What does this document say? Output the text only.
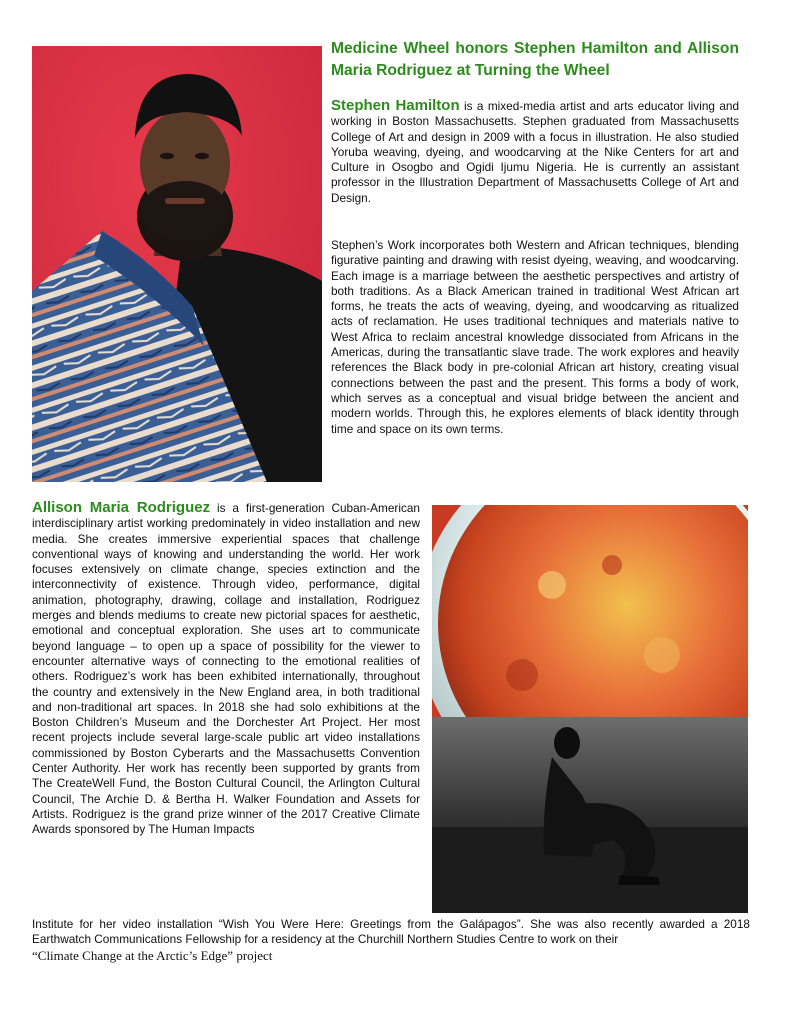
Medicine Wheel honors Stephen Hamilton and Allison Maria Rodriguez at Turning the Wheel

Stephen Hamilton is a mixed-media artist and arts educator living and working in Boston Massachusetts. Stephen graduated from Massachusetts College of Art and design in 2009 with a focus in illustration. He also studied Yoruba weaving, dyeing, and woodcarving at the Nike Centers for art and Culture in Osogbo and Ogidi Ijumu Nigeria. He is currently an assistant professor in the Illustration Department of Massachusetts College of Art and Design.

Stephen’s Work incorporates both Western and African techniques, blending figurative painting and drawing with resist dyeing, weaving, and woodcarving. Each image is a marriage between the aesthetic perspectives and artistry of both traditions. As a Black American trained in traditional West African art forms, he treats the acts of weaving, dyeing, and woodcarving as ritualized acts of reclamation. He uses traditional techniques and materials native to West Africa to reclaim ancestral knowledge dissociated from Africans in the Americas, during the transatlantic slave trade. The work explores and heavily references the Black body in pre-colonial African art history, creating visual connections between the past and the present. This forms a body of work, which serves as a conceptual and visual bridge between the ancient and modern worlds. Through this, he explores elements of black identity through time and space on its own terms.

Allison Maria Rodriguez is a first-generation Cuban-American interdisciplinary artist working predominately in video installation and new media. She creates immersive experiential spaces that challenge conventional ways of knowing and understanding the world. Her work focuses extensively on climate change, species extinction and the interconnectivity of existence. Through video, performance, digital animation, photography, drawing, collage and installation, Rodriguez merges and blends mediums to create new pictorial spaces for aesthetic, emotional and conceptual exploration. She uses art to communicate beyond language – to open up a space of possibility for the viewer to encounter alternative ways of connecting to the emotional realities of others. Rodriguez’s work has been exhibited internationally, throughout the country and extensively in the New England area, in both traditional and non-traditional art spaces. In 2018 she had solo exhibitions at the Boston Children’s Museum and the Dorchester Art Project. Her most recent projects include several large-scale public art video installations commissioned by Boston Cyberarts and the Massachusetts Convention Center Authority. Her work has recently been supported by grants from The CreateWell Fund, the Boston Cultural Council, the Arlington Cultural Council, The Archie D. & Bertha H. Walker Foundation and Assets for Artists. Rodriguez is the grand prize winner of the 2017 Creative Climate Awards sponsored by The Human Impacts

Institute for her video installation “Wish You Were Here: Greetings from the Galápagos”. She was also recently awarded a 2018 Earthwatch Communications Fellowship for a residency at the Churchill Northern Studies Centre to work on their
“Climate Change at the Arctic’s Edge” project
